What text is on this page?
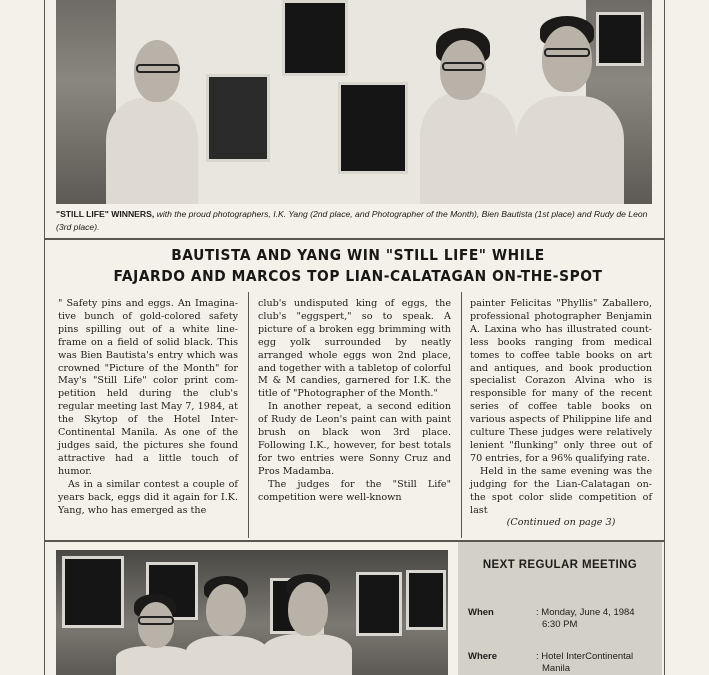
"STILL LIFE" WINNERS, with the proud photographers, I.K. Yang (2nd place, and Photographer of the Month), Bien Bautista (1st place) and Rudy de Leon (3rd place).
BAUTISTA AND YANG WIN "STILL LIFE" WHILE
FAJARDO AND MARCOS TOP LIAN-CALATAGAN ON-THE-SPOT

" Safety pins and eggs. An Imagina-tive bunch of gold-colored safety pins spilling out of a white line-frame on a field of solid black. This was Bien Bautista's entry which was crowned "Picture of the Month" for May's "Still Life" color print com-petition held during the club's regular meeting last May 7, 1984, at the Skytop of the Hotel Inter-Continental Manila. As one of the judges said, the pictures she found attractive had a little touch of humor.

As in a similar contest a couple of years back, eggs did it again for I.K. Yang, who has emerged as the

club's undisputed king of eggs, the club's "eggspert," so to speak. A picture of a broken egg brimming with egg yolk surrounded by neatly arranged whole eggs won 2nd place, and together with a tabletop of colorful M & M candies, garnered for I.K. the title of "Photographer of the Month."

In another repeat, a second edition of Rudy de Leon's paint can with paint brush on black won 3rd place. Following I.K., however, for best totals for two entries were Sonny Cruz and Pros Madamba.

The judges for the "Still Life" competition were well-known

painter Felicitas "Phyllis" Zaballero, professional photographer Benjamin A. Laxina who has illustrated count-less books ranging from medical tomes to coffee table books on art and antiques, and book production specialist Corazon Alvina who is responsible for many of the recent series of coffee table books on various aspects of Philippine life and culture These judges were relatively lenient "flunking" only three out of 70 entries, for a 96% qualifying rate.

Held in the same evening was the judging for the Lian-Calatagan on-the spot color slide competition of last

(Continued on page 3)
NEXT REGULAR MEETING
When	: Monday, June 4, 1984
6:30 PM
Where	: Hotel InterContinental
Manila
